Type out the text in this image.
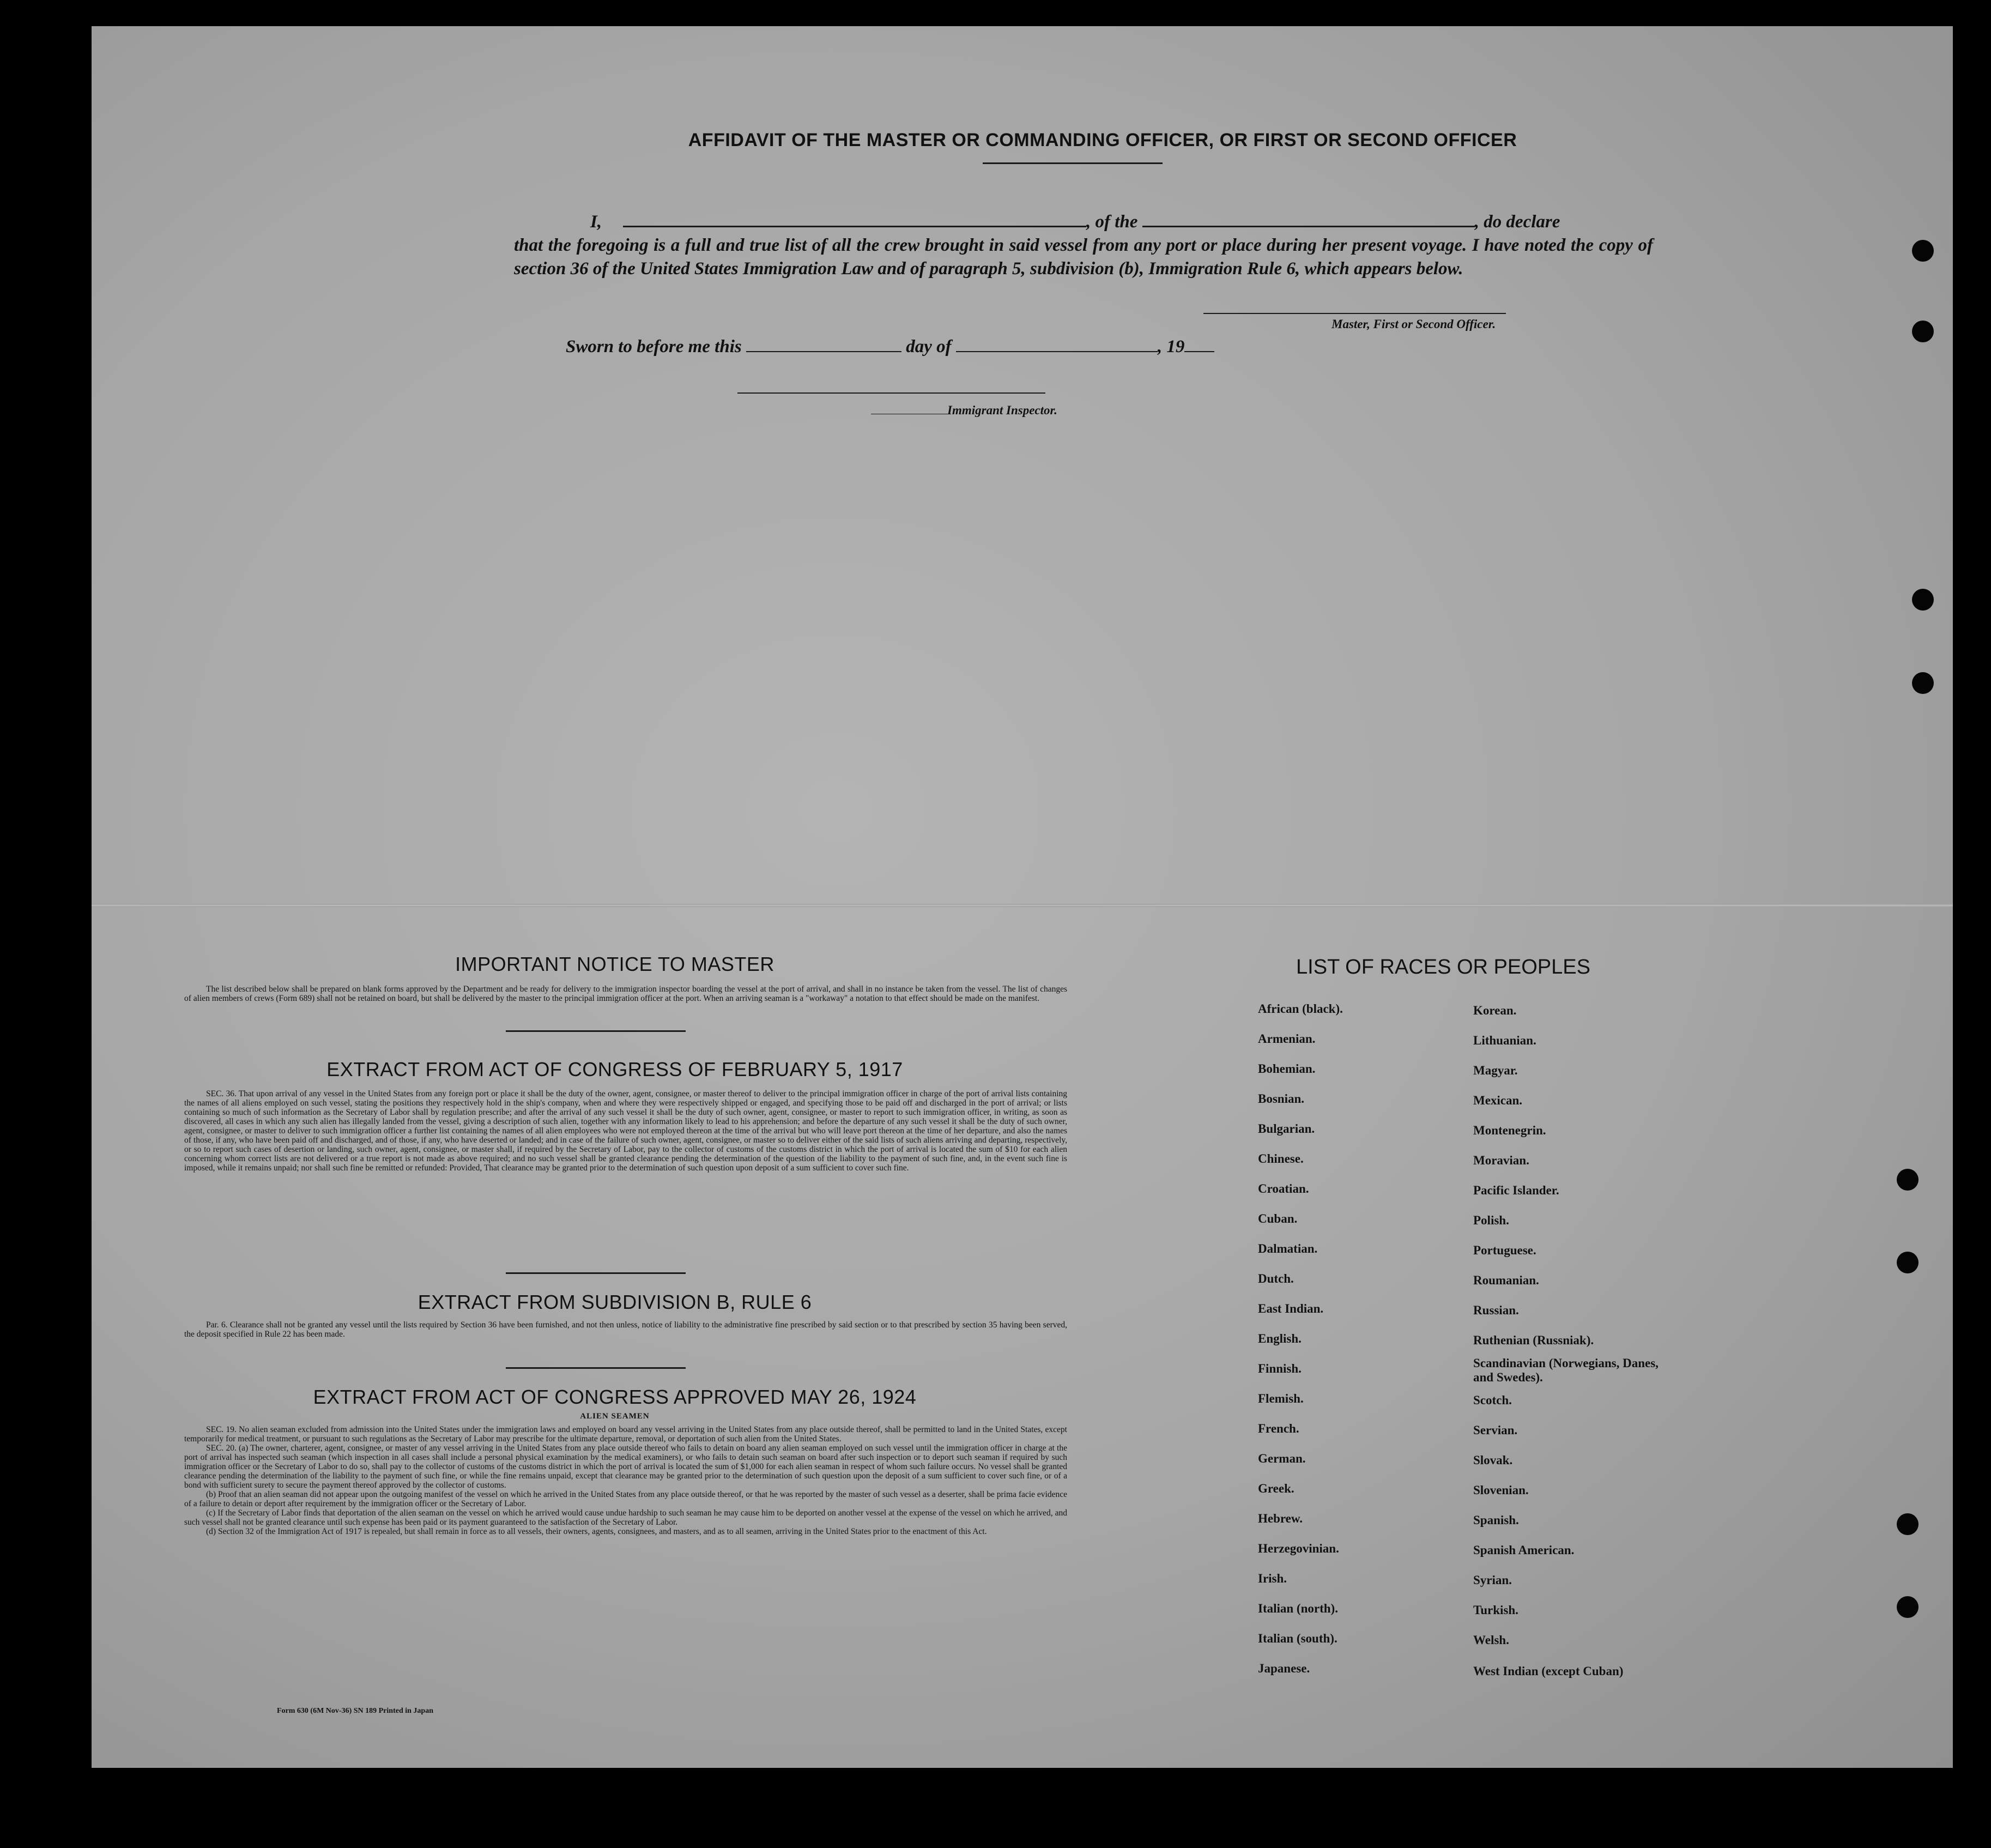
AFFIDAVIT OF THE MASTER OR COMMANDING OFFICER, OR FIRST OR SECOND OFFICER
I,	, of the	, do declare
that the foregoing is a full and true list of all the crew brought in said vessel from any port or place during her present voyage. I have noted the copy of section 36 of the United States Immigration Law and of paragraph 5, subdivision (b), Immigration Rule 6, which appears below.
Master, First or Second Officer.
Sworn to before me this	day of	, 19
Immigrant Inspector.
IMPORTANT NOTICE TO MASTER
The list described below shall be prepared on blank forms approved by the Department and be ready for delivery to the immigration inspector boarding the vessel at the port of arrival, and shall in no instance be taken from the vessel. The list of changes of alien members of crews (Form 689) shall not be retained on board, but shall be delivered by the master to the principal immigration officer at the port. When an arriving seaman is a "workaway" a notation to that effect should be made on the manifest.
EXTRACT FROM ACT OF CONGRESS OF FEBRUARY 5, 1917
SEC. 36. That upon arrival of any vessel in the United States from any foreign port or place it shall be the duty of the owner, agent, consignee, or master thereof to deliver to the principal immigration officer in charge of the port of arrival lists containing the names of all aliens employed on such vessel, stating the positions they respectively hold in the ship's company, when and where they were respectively shipped or engaged, and specifying those to be paid off and discharged in the port of arrival; or lists containing so much of such information as the Secretary of Labor shall by regulation prescribe; and after the arrival of any such vessel it shall be the duty of such owner, agent, consignee, or master to report to such immigration officer, in writing, as soon as discovered, all cases in which any such alien has illegally landed from the vessel, giving a description of such alien, together with any information likely to lead to his apprehension; and before the departure of any such vessel it shall be the duty of such owner, agent, consignee, or master to deliver to such immigration officer a further list containing the names of all alien employees who were not employed thereon at the time of the arrival but who will leave port thereon at the time of her departure, and also the names of those, if any, who have been paid off and discharged, and of those, if any, who have deserted or landed; and in case of the failure of such owner, agent, consignee, or master so to deliver either of the said lists of such aliens arriving and departing, respectively, or so to report such cases of desertion or landing, such owner, agent, consignee, or master shall, if required by the Secretary of Labor, pay to the collector of customs of the customs district in which the port of arrival is located the sum of $10 for each alien concerning whom correct lists are not delivered or a true report is not made as above required; and no such vessel shall be granted clearance pending the determination of the question of the liability to the payment of such fine, and, in the event such fine is imposed, while it remains unpaid; nor shall such fine be remitted or refunded: Provided, That clearance may be granted prior to the determination of such question upon deposit of a sum sufficient to cover such fine.
EXTRACT FROM SUBDIVISION B, RULE 6
Par. 6. Clearance shall not be granted any vessel until the lists required by Section 36 have been furnished, and not then unless, notice of liability to the administrative fine prescribed by said section or to that prescribed by section 35 having been served, the deposit specified in Rule 22 has been made.
EXTRACT FROM ACT OF CONGRESS APPROVED MAY 26, 1924
ALIEN SEAMEN
SEC. 19. No alien seaman excluded from admission into the United States under the immigration laws and employed on board any vessel arriving in the United States from any place outside thereof, shall be permitted to land in the United States, except temporarily for medical treatment, or pursuant to such regulations as the Secretary of Labor may prescribe for the ultimate departure, removal, or deportation of such alien from the United States.
SEC. 20. (a) The owner, charterer, agent, consignee, or master of any vessel arriving in the United States from any place outside thereof who fails to detain on board any alien seaman employed on such vessel until the immigration officer in charge at the port of arrival has inspected such seaman (which inspection in all cases shall include a personal physical examination by the medical examiners), or who fails to detain such seaman on board after such inspection or to deport such seaman if required by such immigration officer or the Secretary of Labor to do so, shall pay to the collector of customs of the customs district in which the port of arrival is located the sum of $1,000 for each alien seaman in respect of whom such failure occurs. No vessel shall be granted clearance pending the determination of the liability to the payment of such fine, or while the fine remains unpaid, except that clearance may be granted prior to the determination of such question upon the deposit of a sum sufficient to cover such fine, or of a bond with sufficient surety to secure the payment thereof approved by the collector of customs.
(b) Proof that an alien seaman did not appear upon the outgoing manifest of the vessel on which he arrived in the United States from any place outside thereof, or that he was reported by the master of such vessel as a deserter, shall be prima facie evidence of a failure to detain or deport after requirement by the immigration officer or the Secretary of Labor.
(c) If the Secretary of Labor finds that deportation of the alien seaman on the vessel on which he arrived would cause undue hardship to such seaman he may cause him to be deported on another vessel at the expense of the vessel on which he arrived, and such vessel shall not be granted clearance until such expense has been paid or its payment guaranteed to the satisfaction of the Secretary of Labor.
(d) Section 32 of the Immigration Act of 1917 is repealed, but shall remain in force as to all vessels, their owners, agents, consignees, and masters, and as to all seamen, arriving in the United States prior to the enactment of this Act.
LIST OF RACES OR PEOPLES
African (black).
Armenian.
Bohemian.
Bosnian.
Bulgarian.
Chinese.
Croatian.
Cuban.
Dalmatian.
Dutch.
East Indian.
English.
Finnish.
Flemish.
French.
German.
Greek.
Hebrew.
Herzegovinian.
Irish.
Italian (north).
Italian (south).
Japanese.
Korean.
Lithuanian.
Magyar.
Mexican.
Montenegrin.
Moravian.
Pacific Islander.
Polish.
Portuguese.
Roumanian.
Russian.
Ruthenian (Russniak).
Scandinavian (Norwegians, Danes, and Swedes).
Scotch.
Servian.
Slovak.
Slovenian.
Spanish.
Spanish American.
Syrian.
Turkish.
Welsh.
West Indian (except Cuban)
Form 630 (6M Nov-36) SN 189 Printed in Japan
